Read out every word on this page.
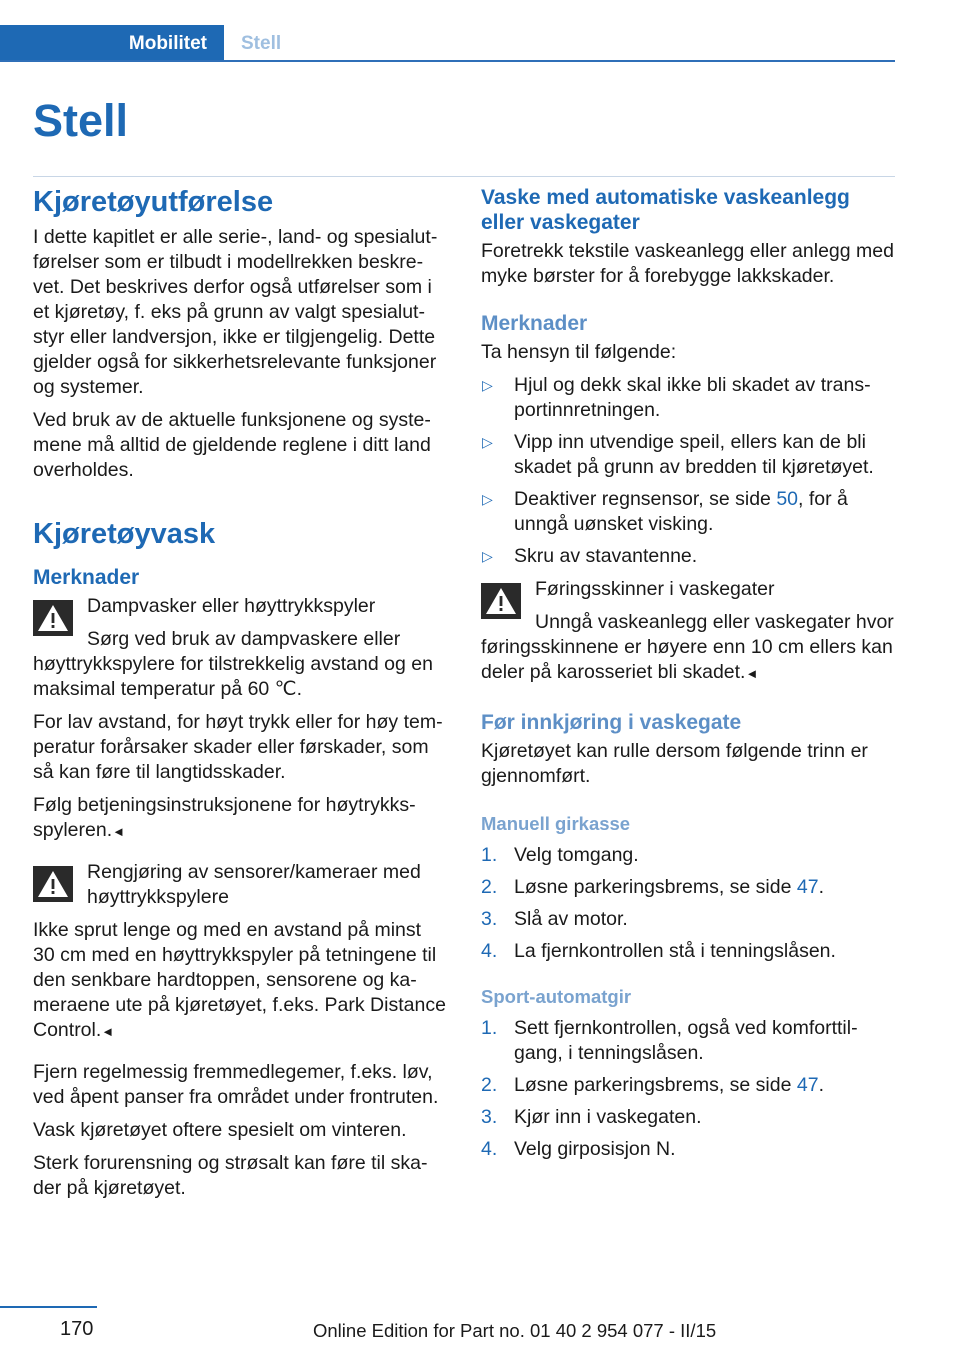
Mobilitet	Stell
Stell
Kjøretøyutførelse

I dette kapitlet er alle serie-, land- og spesialutførelser som er tilbudt i modellrekken beskrevet. Det beskrives derfor også utførelser som i et kjøretøy, f. eks på grunn av valgt spesialutstyr eller landversjon, ikke er tilgjengelig. Dette gjelder også for sikkerhetsrelevante funksjoner og systemer.

Ved bruk av de aktuelle funksjonene og systemene må alltid de gjeldende reglene i ditt land overholdes.

Kjøretøyvask
Merknader

Dampvasker eller høyttrykkspyler

Sørg ved bruk av dampvaskere eller høyttrykkspylere for tilstrekkelig avstand og en maksimal temperatur på 60 ℃.

For lav avstand, for høyt trykk eller for høy temperatur forårsaker skader eller førskader, som så kan føre til langtidsskader.

Følg betjeningsinstruksjonene for høytrykksspyleren.◄

Rengjøring av sensorer/kameraer med høyttrykkspylere

Ikke sprut lenge og med en avstand på minst 30 cm med en høyttrykkspyler på tetningene til den senkbare hardtoppen, sensorene og kameraene ute på kjøretøyet, f.eks. Park Distance Control.◄

Fjern regelmessig fremmedlegemer, f.eks. løv, ved åpent panser fra området under frontruten.

Vask kjøretøyet oftere spesielt om vinteren.

Sterk forurensning og strøsalt kan føre til skader på kjøretøyet.

Vaske med automatiske vaskeanlegg eller vaskegater

Foretrekk tekstile vaskeanlegg eller anlegg med myke børster for å forebygge lakkskader.

Merknader

Ta hensyn til følgende:

▷ Hjul og dekk skal ikke bli skadet av transportinnretningen.
▷ Vipp inn utvendige speil, ellers kan de bli skadet på grunn av bredden til kjøretøyet.
▷ Deaktiver regnsensor, se side 50, for å unngå uønsket visking.
▷ Skru av stavantenne.

Føringsskinner i vaskegater

Unngå vaskeanlegg eller vaskegater hvor føringsskinnene er høyere enn 10 cm ellers kan deler på karosseriet bli skadet.◄

Før innkjøring i vaskegate

Kjøretøyet kan rulle dersom følgende trinn er gjennomført.

Manuell girkasse
1. Velg tomgang.
2. Løsne parkeringsbrems, se side 47.
3. Slå av motor.
4. La fjernkontrollen stå i tenningslåsen.
Sport-automatgir
1. Sett fjernkontrollen, også ved komforttilgang, i tenningslåsen.
2. Løsne parkeringsbrems, se side 47.
3. Kjør inn i vaskegaten.
4. Velg girposisjon N.
170	Online Edition for Part no. 01 40 2 954 077 - II/15
